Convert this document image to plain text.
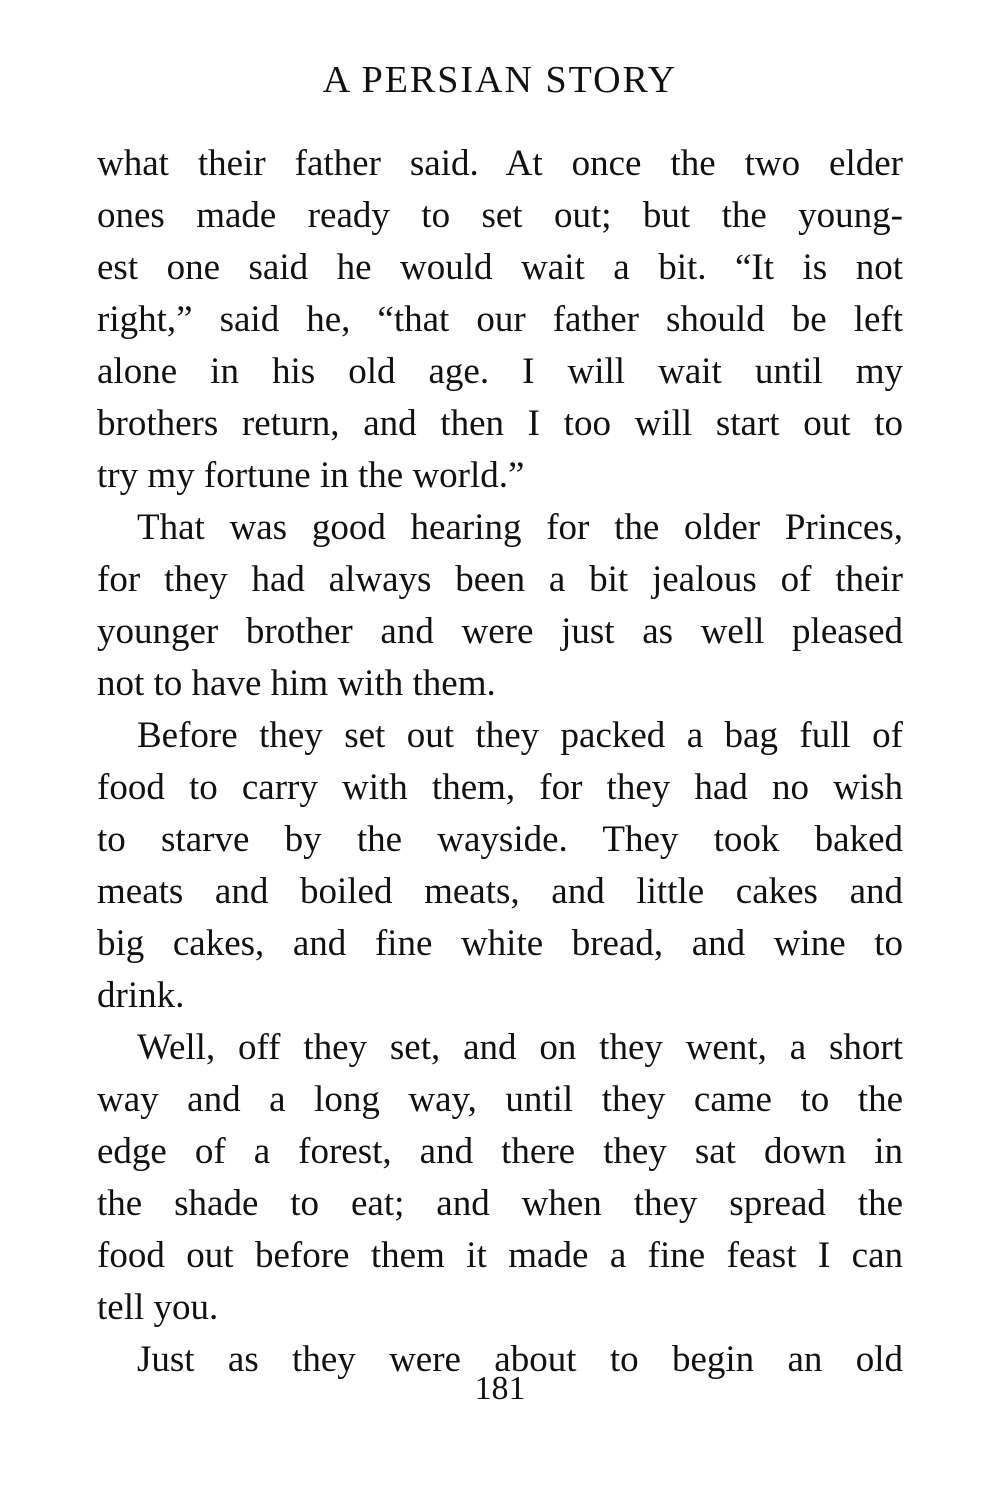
A PERSIAN STORY
what their father said. At once the two elder
ones made ready to set out; but the young-
est one said he would wait a bit. “It is not
right,” said he, “that our father should be left
alone in his old age. I will wait until my
brothers return, and then I too will start out to
try my fortune in the world.”
That was good hearing for the older Princes,
for they had always been a bit jealous of their
younger brother and were just as well pleased
not to have him with them.
Before they set out they packed a bag full of
food to carry with them, for they had no wish
to starve by the wayside. They took baked
meats and boiled meats, and little cakes and
big cakes, and fine white bread, and wine to
drink.
Well, off they set, and on they went, a short
way and a long way, until they came to the
edge of a forest, and there they sat down in
the shade to eat; and when they spread the
food out before them it made a fine feast I can
tell you.
Just as they were about to begin an old
181
